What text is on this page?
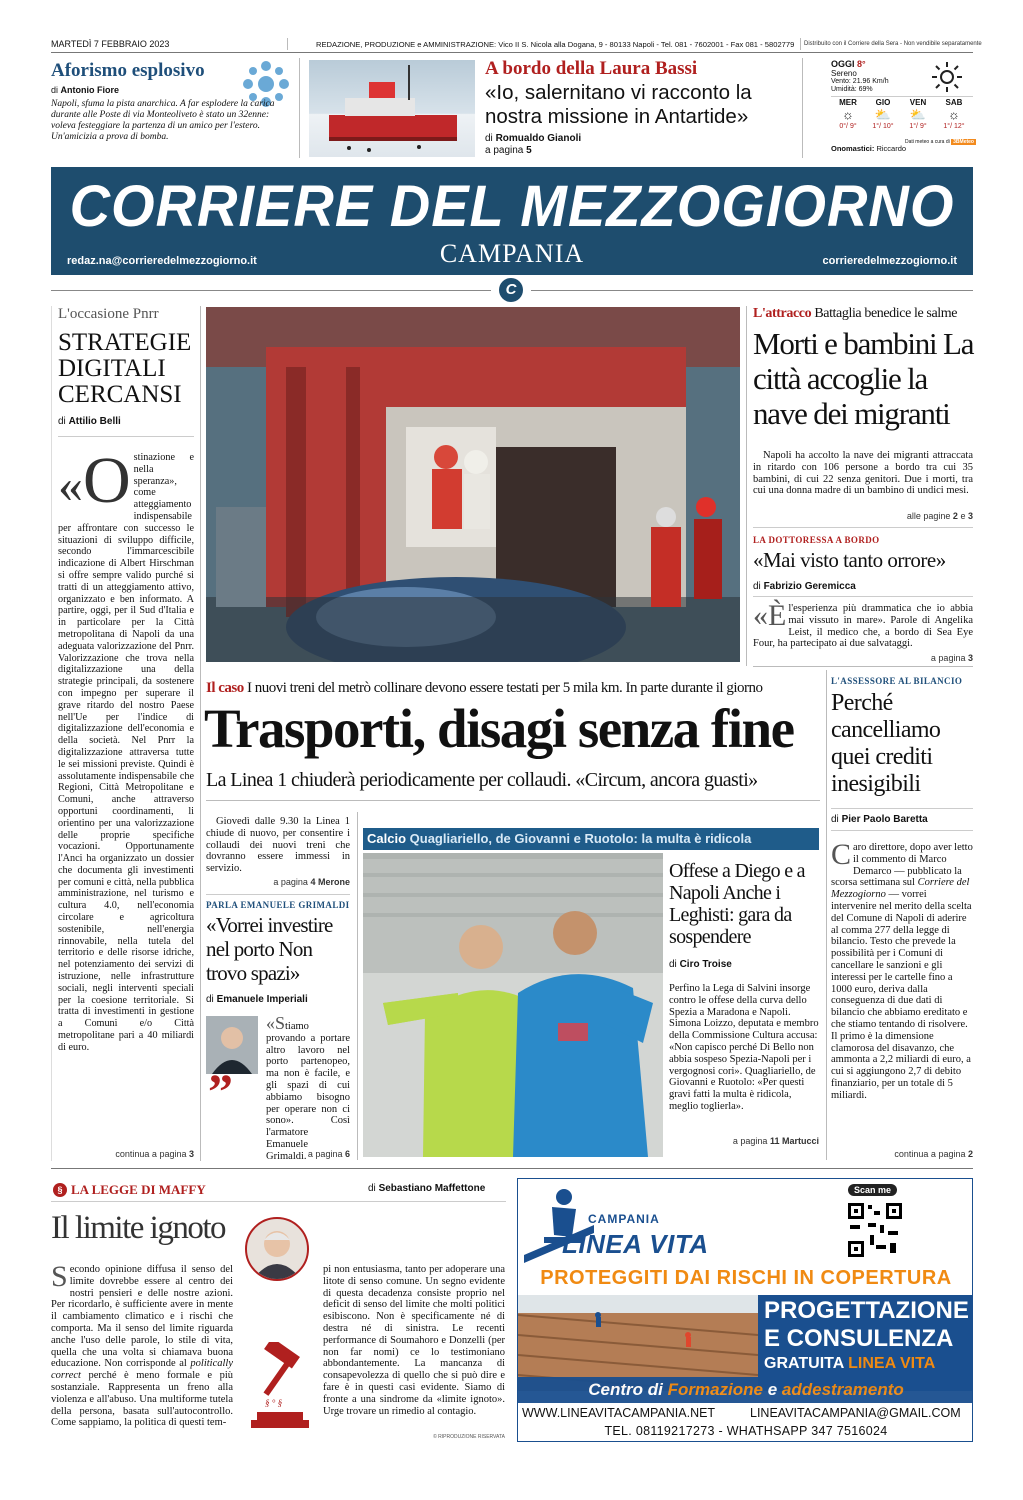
MARTEDÌ 7 FEBBRAIO 2023	REDAZIONE, PRODUZIONE e AMMINISTRAZIONE: Vico II S. Nicola alla Dogana, 9 - 80133 Napoli - Tel. 081 - 7602001 - Fax 081 - 5802779 Distribuito con il Corriere della Sera - Non vendibile separatamente
Aforismo esplosivo
di Antonio Fiore

Napoli, sfuma la pista anarchica. A far esplodere la carica durante alle Poste di via Monteoliveto è stato un 32enne: voleva festeggiare la partenza di un amico per l'estero. Un'amicizia a prova di bomba.

A bordo della Laura Bassi
«Io, salernitano vi racconto la nostra missione in Antartide»
di Romualdo Gianoli
a pagina 5
OGGI 8°
Sereno
Vento: 21.96 Km/h
Umidità: 69%
MER
☼
0°/ 9°
GIO
⛅
1°/ 10°
VEN
⛅
1°/ 9°
SAB
☼
1°/ 12°
Onomastici: Riccardo
Dati meteo a cura di 3BMeteo
CORRIERE DEL MEZZOGIORNO
CAMPANIA
redaz.na@corrieredelmezzogiorno.it	corrieredelmezzogiorno.it
C
L'occasione Pnrr
STRATEGIE DIGITALI CERCANSI
di Attilio Belli

«O stinazione e nella speranza», come atteggiamento indispensabile per affrontare con successo le situazioni di sviluppo difficile, secondo l'immarcescibile indicazione di Albert Hirschman si offre sempre valido purché si tratti di un atteggiamento attivo, organizzato e ben informato. A partire, oggi, per il Sud d'Italia e in particolare per la Città metropolitana di Napoli da una adeguata valorizzazione del Pnrr. Valorizzazione che trova nella digitalizzazione una della strategie principali, da sostenere con impegno per superare il grave ritardo del nostro Paese nell'Ue per l'indice di digitalizzazione dell'economia e della società. Nel Pnrr la digitalizzazione attraversa tutte le sei missioni previste. Quindi è assolutamente indispensabile che Regioni, Città Metropolitane e Comuni, anche attraverso opportuni coordinamenti, li orientino per una valorizzazione delle proprie specifiche vocazioni. Opportunamente l'Anci ha organizzato un dossier che documenta gli investimenti per comuni e città, nella pubblica amministrazione, nel turismo e cultura 4.0, nell'economia circolare e agricoltura sostenibile, nell'energia rinnovabile, nella tutela del territorio e delle risorse idriche, nel potenziamento dei servizi di istruzione, nelle infrastrutture sociali, negli interventi speciali per la coesione territoriale. Si tratta di investimenti in gestione a Comuni e/o Città metropolitane pari a 40 miliardi di euro.

continua a pagina 3
L'attracco Battaglia benedice le salme
Morti e bambini La città accoglie la nave dei migranti

Napoli ha accolto la nave dei migranti attraccata in ritardo con 106 persone a bordo tra cui 35 bambini, di cui 22 senza genitori. Due i morti, tra cui una donna madre di un bambino di undici mesi.

alle pagine 2 e 3
LA DOTTORESSA A BORDO
«Mai visto tanto orrore»
di Fabrizio Geremicca

«È l'esperienza più drammatica che io abbia mai vissuto in mare». Parole di Angelika Leist, il medico che, a bordo di Sea Eye Four, ha partecipato ai due salvataggi.

a pagina 3
Il caso I nuovi treni del metrò collinare devono essere testati per 5 mila km. In parte durante il giorno
Trasporti, disagi senza fine
La Linea 1 chiuderà periodicamente per collaudi. «Circum, ancora guasti»

Giovedì dalle 9.30 la Linea 1 chiude di nuovo, per consentire i collaudi dei nuovi treni che dovranno essere immessi in servizio.

a pagina 4 Merone
PARLA EMANUELE GRIMALDI
«Vorrei investire nel porto Non trovo spazi»
di Emanuele Imperiali
”

«Stiamo provando a portare altro lavoro nel porto partenopeo, ma non è facile, e gli spazi di cui abbiamo bisogno per operare non ci sono». Così l'armatore Emanuele Grimaldi. a pagina 6
Calcio Quagliariello, de Giovanni e Ruotolo: la multa è ridicola
Offese a Diego e a Napoli Anche i Leghisti: gara da sospendere
di Ciro Troise

Perfino la Lega di Salvini insorge contro le offese della curva dello Spezia a Maradona e Napoli. Simona Loizzo, deputata e membro della Commissione Cultura accusa: «Non capisco perché Di Bello non abbia sospeso Spezia-Napoli per i vergognosi cori». Quagliariello, de Giovanni e Ruotolo: «Per questi gravi fatti la multa è ridicola, meglio toglierla».

a pagina 11 Martucci
L'ASSESSORE AL BILANCIO
Perché cancelliamo quei crediti inesigibili
di Pier Paolo Baretta

C aro direttore, dopo aver letto il commento di Marco Demarco — pubblicato la scorsa settimana sul Corriere del Mezzogiorno — vorrei intervenire nel merito della scelta del Comune di Napoli di aderire al comma 277 della legge di bilancio. Testo che prevede la possibilità per i Comuni di cancellare le sanzioni e gli interessi per le cartelle fino a 1000 euro, deriva dalla conseguenza di due dati di bilancio che abbiamo ereditato e che stiamo tentando di risolvere. Il primo è la dimensione clamorosa del disavanzo, che ammonta a 2,2 miliardi di euro, a cui si aggiungono 2,7 di debito finanziario, per un totale di 5 miliardi.

continua a pagina 2
§ LA LEGGE DI MAFFY	di Sebastiano Maffettone
Il limite ignoto
§ ° §

S econdo opinione diffusa il senso del limite dovrebbe essere al centro dei nostri pensieri e delle nostre azioni. Per ricordarlo, è sufficiente avere in mente il cambiamento climatico e i rischi che comporta. Ma il senso del limite riguarda anche l'uso delle parole, lo stile di vita, quella che una volta si chiamava buona educazione. Non corrisponde al politically correct perché è meno formale e più sostanziale. Rappresenta un freno alla violenza e all'abuso. Una multiforme tutela della persona, basata sull'autocontrollo. Come sappiamo, la politica di questi tem-

pi non entusiasma, tanto per adoperare una litote di senso comune. Un segno evidente di questa decadenza consiste proprio nel deficit di senso del limite che molti politici esibiscono. Non è specificamente né di destra né di sinistra. Le recenti performance di Soumahoro e Donzelli (per non far nomi) ce lo testimoniano abbondantemente. La mancanza di consapevolezza di quello che si può dire e fare è in questi casi evidente. Siamo di fronte a una sindrome da «limite ignoto». Urge trovare un rimedio al contagio.

© RIPRODUZIONE RISERVATA
CAMPANIA
LINEA VITA
Scan me
PROTEGGITI DAI RISCHI IN COPERTURA
PROGETTAZIONE
E CONSULENZA
GRATUITA LINEA VITA
Centro di Formazione e addestramento
WWW.LINEAVITACAMPANIA.NET	LINEAVITACAMPANIA@GMAIL.COM
TEL. 08119217273 - WHATHSAPP 347 7516024
